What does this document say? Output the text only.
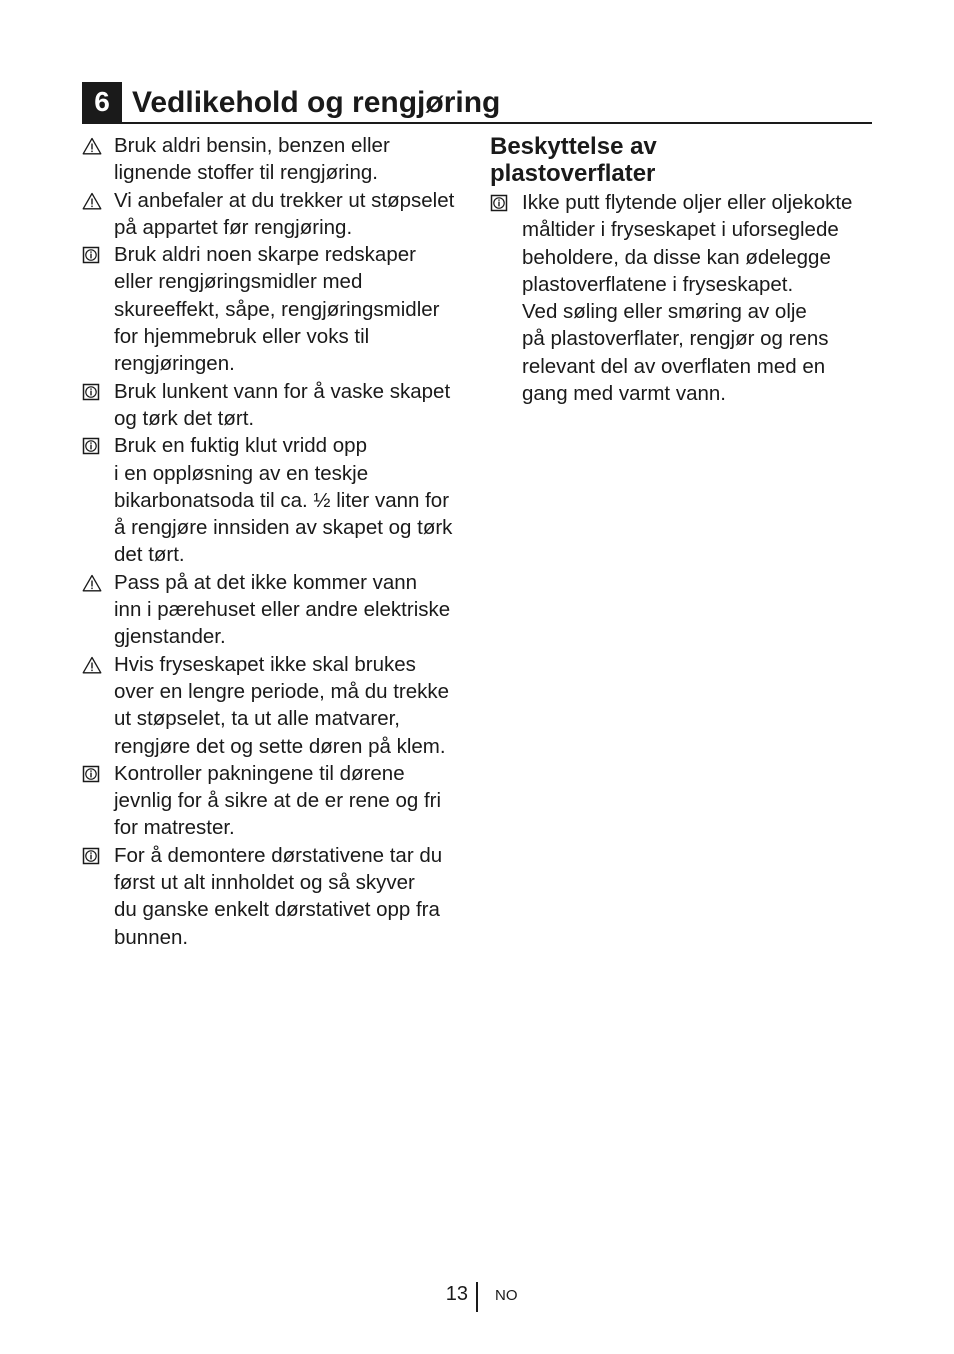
6 Vedlikehold og rengjøring
Bruk aldri bensin, benzen eller
lignende stoffer til rengjøring.
Vi anbefaler at du trekker ut støpselet
på appartet før rengjøring.
Bruk aldri noen skarpe redskaper
eller rengjøringsmidler med
skureeffekt, såpe, rengjøringsmidler
for hjemmebruk eller voks til
rengjøringen.
Bruk lunkent vann for å vaske skapet
og tørk det tørt.
Bruk en fuktig klut vridd opp
i en oppløsning av en teskje
bikarbonatsoda til ca. ½ liter vann for
å rengjøre innsiden av skapet og tørk
det tørt.
Pass på at det ikke kommer vann
inn i pærehuset eller andre elektriske
gjenstander.
Hvis fryseskapet ikke skal brukes
over en lengre periode, må du trekke
ut støpselet, ta ut alle matvarer,
rengjøre det og sette døren på klem.
Kontroller pakningene til dørene
jevnlig for å sikre at de er rene og fri
for matrester.
For å demontere dørstativene tar du
først ut alt innholdet og så skyver
du ganske enkelt dørstativet opp fra
bunnen.
Beskyttelse av
plastoverflater
Ikke putt flytende oljer eller oljekokte
måltider i fryseskapet i uforseglede
beholdere, da disse kan ødelegge
plastoverflatene i fryseskapet.
Ved søling eller smøring av olje
på plastoverflater, rengjør og rens
relevant del av overflaten med en
gang med varmt vann.
13 NO
